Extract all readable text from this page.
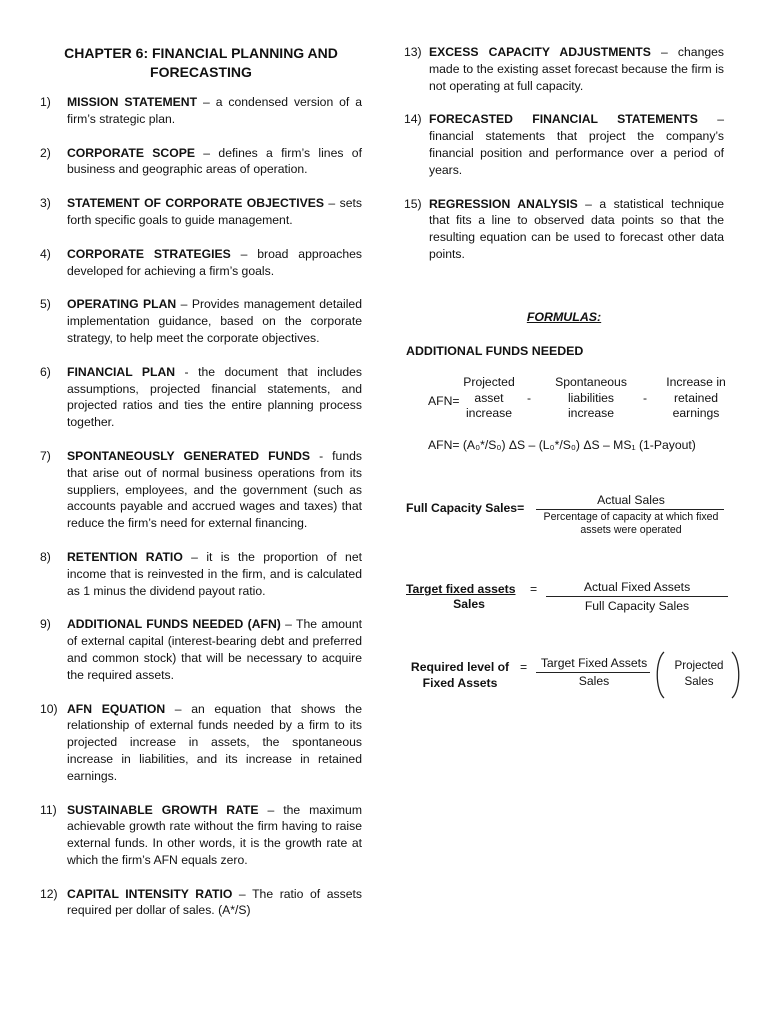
CHAPTER 6: FINANCIAL PLANNING AND FORECASTING
1)	MISSION STATEMENT – a condensed version of a firm’s strategic plan.
2)	CORPORATE SCOPE – defines a firm’s lines of business and geographic areas of operation.
3)	STATEMENT OF CORPORATE OBJECTIVES – sets forth specific goals to guide management.
4)	CORPORATE STRATEGIES – broad approaches developed for achieving a firm’s goals.
5)	OPERATING PLAN – Provides management detailed implementation guidance, based on the corporate strategy, to help meet the corporate objectives.
6)	FINANCIAL PLAN - the document that includes assumptions, projected financial statements, and projected ratios and ties the entire planning process together.
7)	SPONTANEOUSLY GENERATED FUNDS - funds that arise out of normal business operations from its suppliers, employees, and the government (such as accounts payable and accrued wages and taxes) that reduce the firm’s need for external financing.
8)	RETENTION RATIO – it is the proportion of net income that is reinvested in the firm, and is calculated as 1 minus the dividend payout ratio.
9)	ADDITIONAL FUNDS NEEDED (AFN) – The amount of external capital (interest-bearing debt and preferred and common stock) that will be necessary to acquire the required assets.
10) AFN EQUATION – an equation that shows the relationship of external funds needed by a firm to its projected increase in assets, the spontaneous increase in liabilities, and its increase in retained earnings.
11) SUSTAINABLE GROWTH RATE – the maximum achievable growth rate without the firm having to raise external funds. In other words, it is the growth rate at which the firm’s AFN equals zero.
12) CAPITAL INTENSITY RATIO – The ratio of assets required per dollar of sales. (A*/S)
13) EXCESS CAPACITY ADJUSTMENTS – changes made to the existing asset forecast because the firm is not operating at full capacity.
14) FORECASTED FINANCIAL STATEMENTS – financial statements that project the company’s financial position and performance over a period of years.
15) REGRESSION ANALYSIS – a statistical technique that fits a line to observed data points so that the resulting equation can be used to forecast other data points.
FORMULAS:
ADDITIONAL FUNDS NEEDED
AFN=
Projected asset increase
-
Spontaneous liabilities increase
-
Increase in retained earnings
AFN= (A₀*/S₀) ΔS – (L₀*/S₀) ΔS – MS₁ (1-Payout)
Full Capacity Sales=
Actual Sales
Percentage of capacity at which fixed assets were operated
Target fixed assets =
Sales
Actual Fixed Assets
Full Capacity Sales
Required level of =
Fixed Assets
Target Fixed Assets
Sales
Projected Sales
